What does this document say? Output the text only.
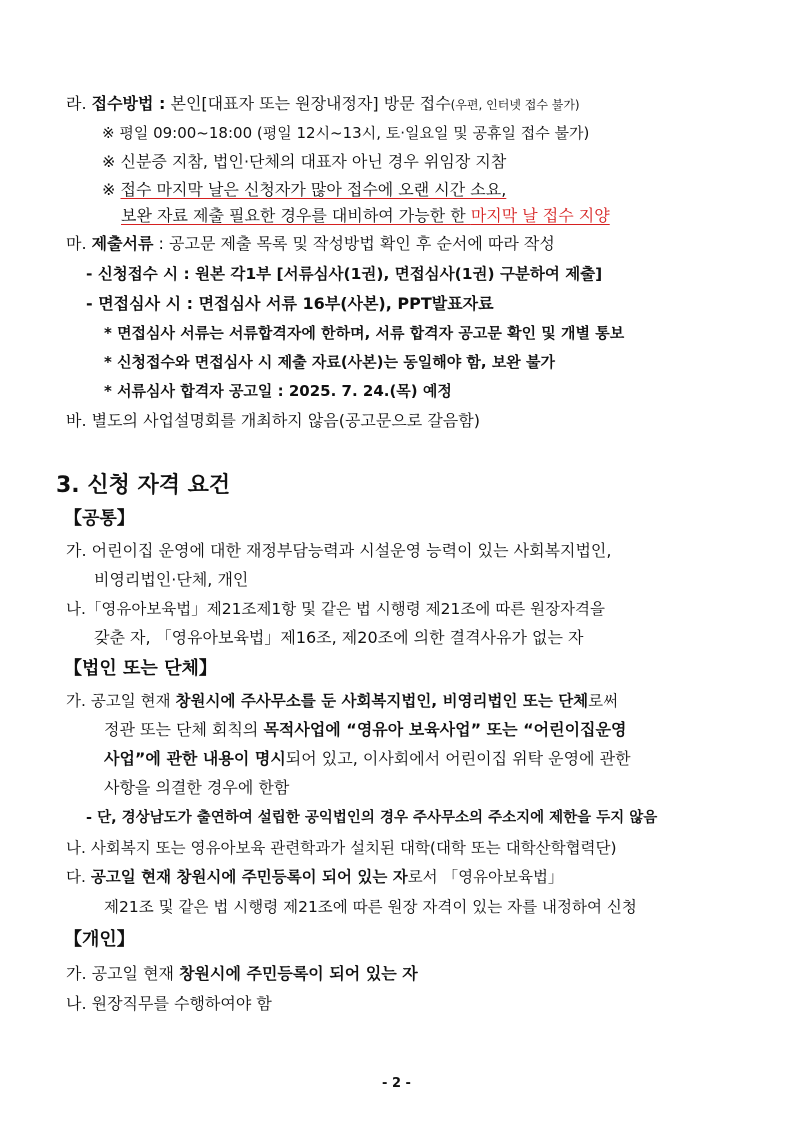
라. 접수방법 : 본인[대표자 또는 원장내정자] 방문 접수(우편, 인터넷 접수 불가)
※ 평일 09:00~18:00 (평일 12시~13시, 토·일요일 및 공휴일 접수 불가)
※ 신분증 지참, 법인·단체의 대표자 아닌 경우 위임장 지참
※ 접수 마지막 날은 신청자가 많아 접수에 오랜 시간 소요,
보완 자료 제출 필요한 경우를 대비하여 가능한 한 마지막 날 접수 지양
마. 제출서류 : 공고문 제출 목록 및 작성방법 확인 후 순서에 따라 작성
- 신청접수 시 : 원본 각1부 [서류심사(1권), 면접심사(1권) 구분하여 제출]
- 면접심사 시 : 면접심사 서류 16부(사본), PPT발표자료
* 면접심사 서류는 서류합격자에 한하며, 서류 합격자 공고문 확인 및 개별 통보
* 신청접수와 면접심사 시 제출 자료(사본)는 동일해야 함, 보완 불가
* 서류심사 합격자 공고일 : 2025. 7. 24.(목) 예정
바. 별도의 사업설명회를 개최하지 않음(공고문으로 갈음함)
3. 신청 자격 요건
【공통】
가. 어린이집 운영에 대한 재정부담능력과 시설운영 능력이 있는 사회복지법인,
비영리법인·단체, 개인
나.「영유아보육법」제21조제1항 및 같은 법 시행령 제21조에 따른 원장자격을
갖춘 자, 「영유아보육법」제16조, 제20조에 의한 결격사유가 없는 자
【법인 또는 단체】
가. 공고일 현재 창원시에 주사무소를 둔 사회복지법인, 비영리법인 또는 단체로써
정관 또는 단체 회칙의 목적사업에 “영유아 보육사업” 또는 “어린이집운영
사업”에 관한 내용이 명시되어 있고, 이사회에서 어린이집 위탁 운영에 관한
사항을 의결한 경우에 한함
- 단, 경상남도가 출연하여 설립한 공익법인의 경우 주사무소의 주소지에 제한을 두지 않음
나. 사회복지 또는 영유아보육 관련학과가 설치된 대학(대학 또는 대학산학협력단)
다. 공고일 현재 창원시에 주민등록이 되어 있는 자로서 「영유아보육법」
제21조 및 같은 법 시행령 제21조에 따른 원장 자격이 있는 자를 내정하여 신청
【개인】
가. 공고일 현재 창원시에 주민등록이 되어 있는 자
나. 원장직무를 수행하여야 함
- 2 -
